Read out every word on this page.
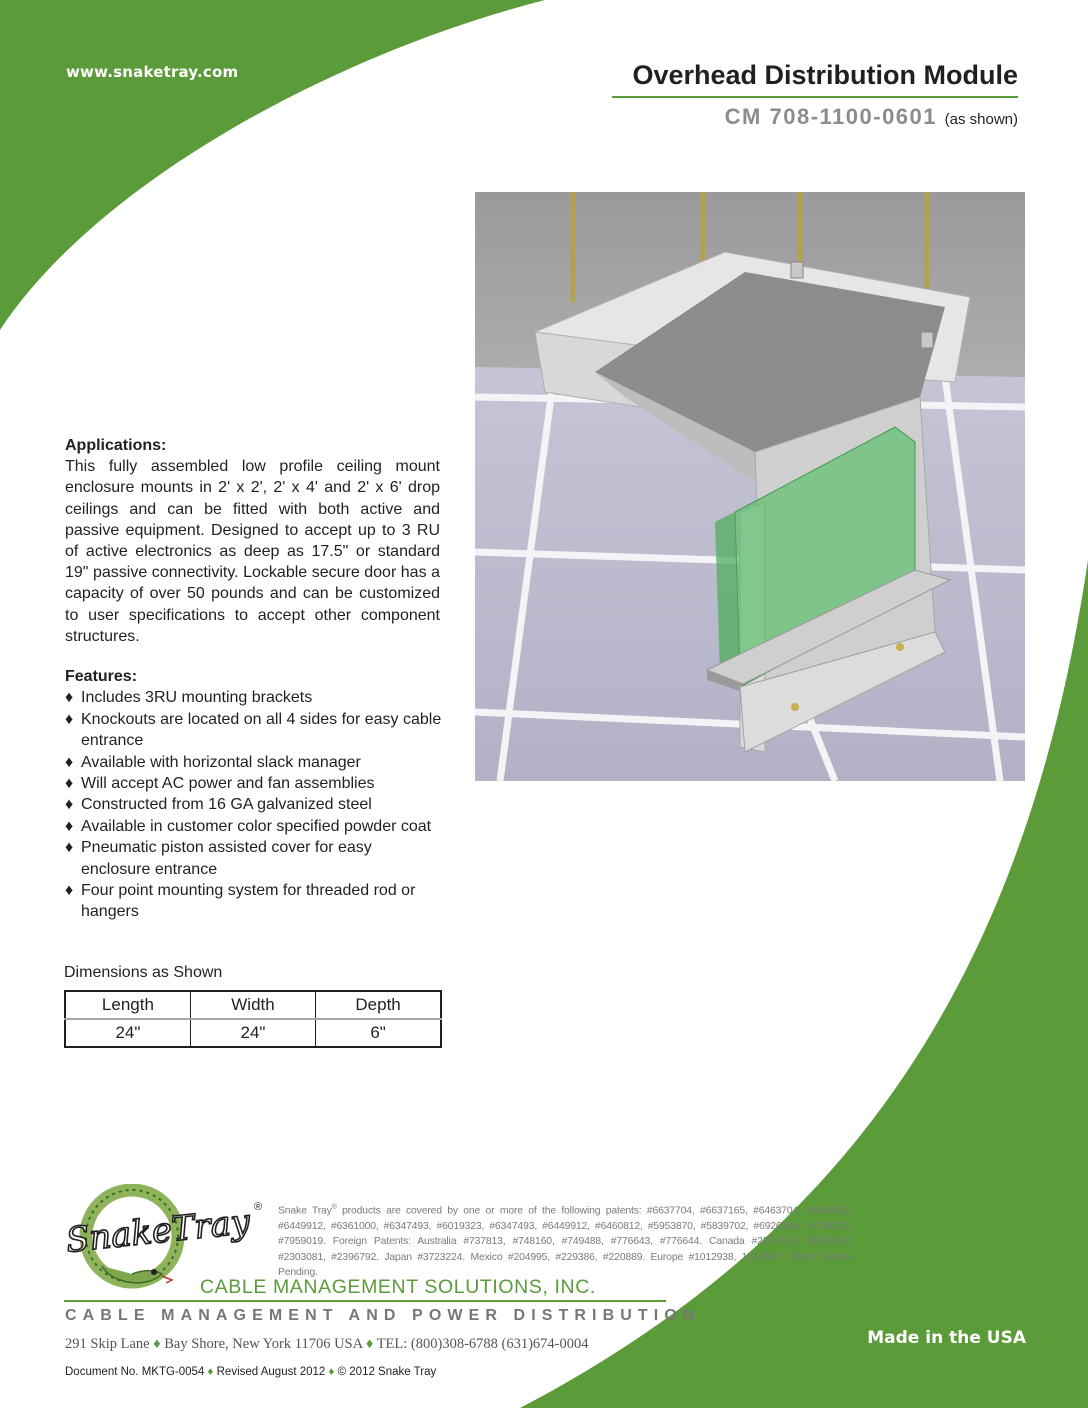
www.snaketray.com	Overhead Distribution Module
CM 708-1100-0601 (as shown)
Applications:
This fully assembled low profile ceiling mount enclosure mounts in 2' x 2', 2' x 4' and 2' x 6' drop ceilings and can be fitted with both active and passive equipment. Designed to accept up to 3 RU of active electronics as deep as 17.5" or standard 19" passive connectivity. Lockable secure door has a capacity of over 50 pounds and can be customized to user specifications to accept other component structures.
Features:
♦ Includes 3RU mounting brackets
♦ Knockouts are located on all 4 sides for easy cable entrance
♦ Available with horizontal slack manager
♦ Will accept AC power and fan assemblies
♦ Constructed from 16 GA galvanized steel
♦ Available in customer color specified powder coat
♦ Pneumatic piston assisted cover for easy enclosure entrance
♦ Four point mounting system for threaded rod or hangers
Dimensions as Shown
Length	Width	Depth
24"	24"	6"
SnakeTray ®
CABLE MANAGEMENT SOLUTIONS, INC.
CABLE MANAGEMENT AND POWER DISTRIBUTION
291 Skip Lane ♦ Bay Shore, New York 11706 USA ♦ TEL: (800)308-6788 (631)674-0004
Snake Tray® products are covered by one or more of the following patents: #6637704, #6637165, #6463704, #6460812, #6449912, #6361000, #6347493, #6019323, #6347493, #6449912, #6460812, #5953870, #5839702, #6926236, #7168212, #7959019. Foreign Patents: Australia #737813, #748160, #749488, #776643, #776644. Canada #2251732, #2319624, #2303081, #2396792. Japan #3723224. Mexico #204995, #229386, #220889. Europe #1012938, 1012937. Other Patents Pending.
Made in the USA
Document No. MKTG-0054 ♦ Revised August 2012 ♦ © 2012 Snake Tray
